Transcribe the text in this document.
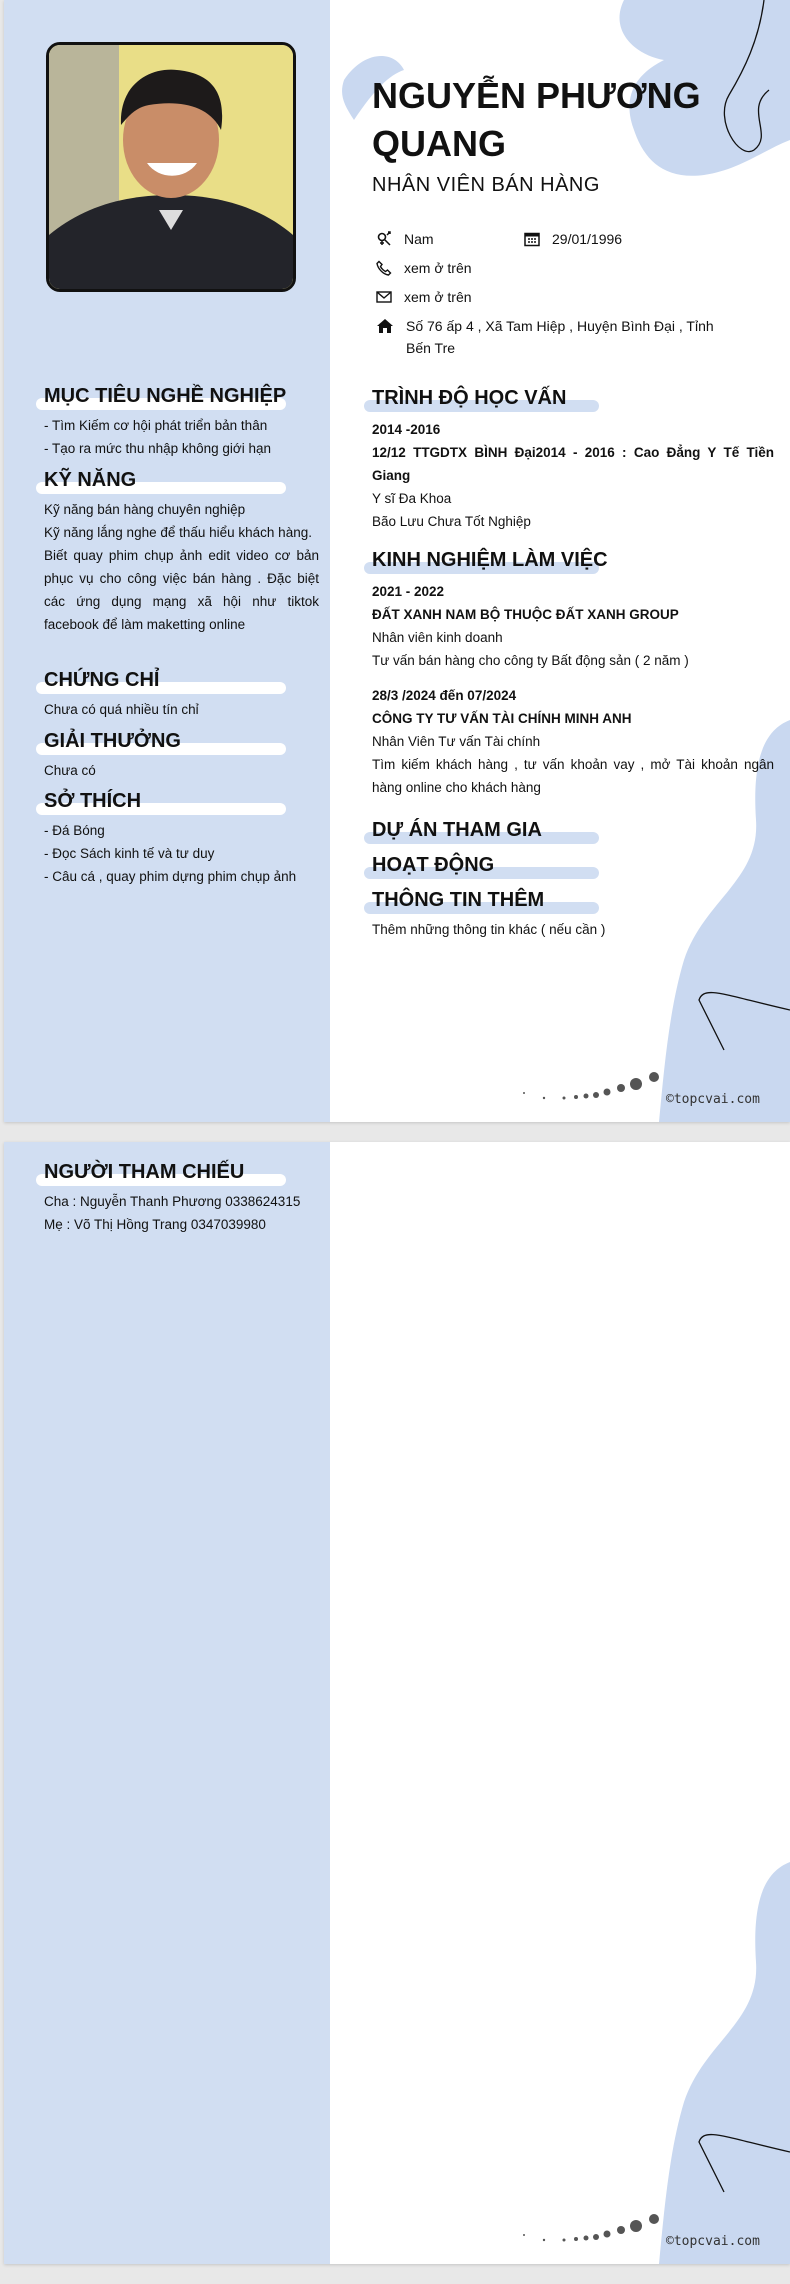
NGUYỄN PHƯƠNG QUANG
NHÂN VIÊN BÁN HÀNG
Nam	29/01/1996
xem ở trên
xem ở trên
Số 76 ấp 4 , Xã Tam Hiệp , Huyện Bình Đại , Tỉnh Bến Tre
MỤC TIÊU NGHỀ NGHIỆP
- Tìm Kiếm cơ hội phát triển bản thân
- Tạo ra mức thu nhập không giới hạn
KỸ NĂNG
Kỹ năng bán hàng chuyên nghiệp
Kỹ năng lắng nghe để thấu hiểu khách hàng.
Biết quay phim chụp ảnh edit video cơ bản phục vụ cho công việc bán hàng . Đặc biệt các ứng dụng mạng xã hội như tiktok facebook để làm maketting online
CHỨNG CHỈ
Chưa có quá nhiều tín chỉ
GIẢI THƯỞNG
Chưa có
SỞ THÍCH
- Đá Bóng
- Đọc Sách kinh tế và tư duy
- Câu cá , quay phim dựng phim chụp ảnh
TRÌNH ĐỘ HỌC VẤN
2014 -2016
12/12 TTGDTX BÌNH Đại2014 - 2016 : Cao Đẳng Y Tế Tiền Giang
Y sĩ Đa Khoa
Bão Lưu Chưa Tốt Nghiệp
KINH NGHIỆM LÀM VIỆC
2021 - 2022
ĐẤT XANH NAM BỘ THUỘC ĐẤT XANH GROUP
Nhân viên kinh doanh
Tư vấn bán hàng cho công ty Bất động sản ( 2 năm )
28/3 /2024 đến 07/2024
CÔNG TY TƯ VẤN TÀI CHÍNH MINH ANH
Nhân Viên Tư vấn Tài chính
Tìm kiếm khách hàng , tư vấn khoản vay , mở Tài khoản ngân hàng online cho khách hàng
DỰ ÁN THAM GIA
HOẠT ĐỘNG
THÔNG TIN THÊM
Thêm những thông tin khác ( nếu cần )
©topcvai.com
NGƯỜI THAM CHIẾU
Cha : Nguyễn Thanh Phương 0338624315
Mẹ : Võ Thị Hồng Trang 0347039980
©topcvai.com
